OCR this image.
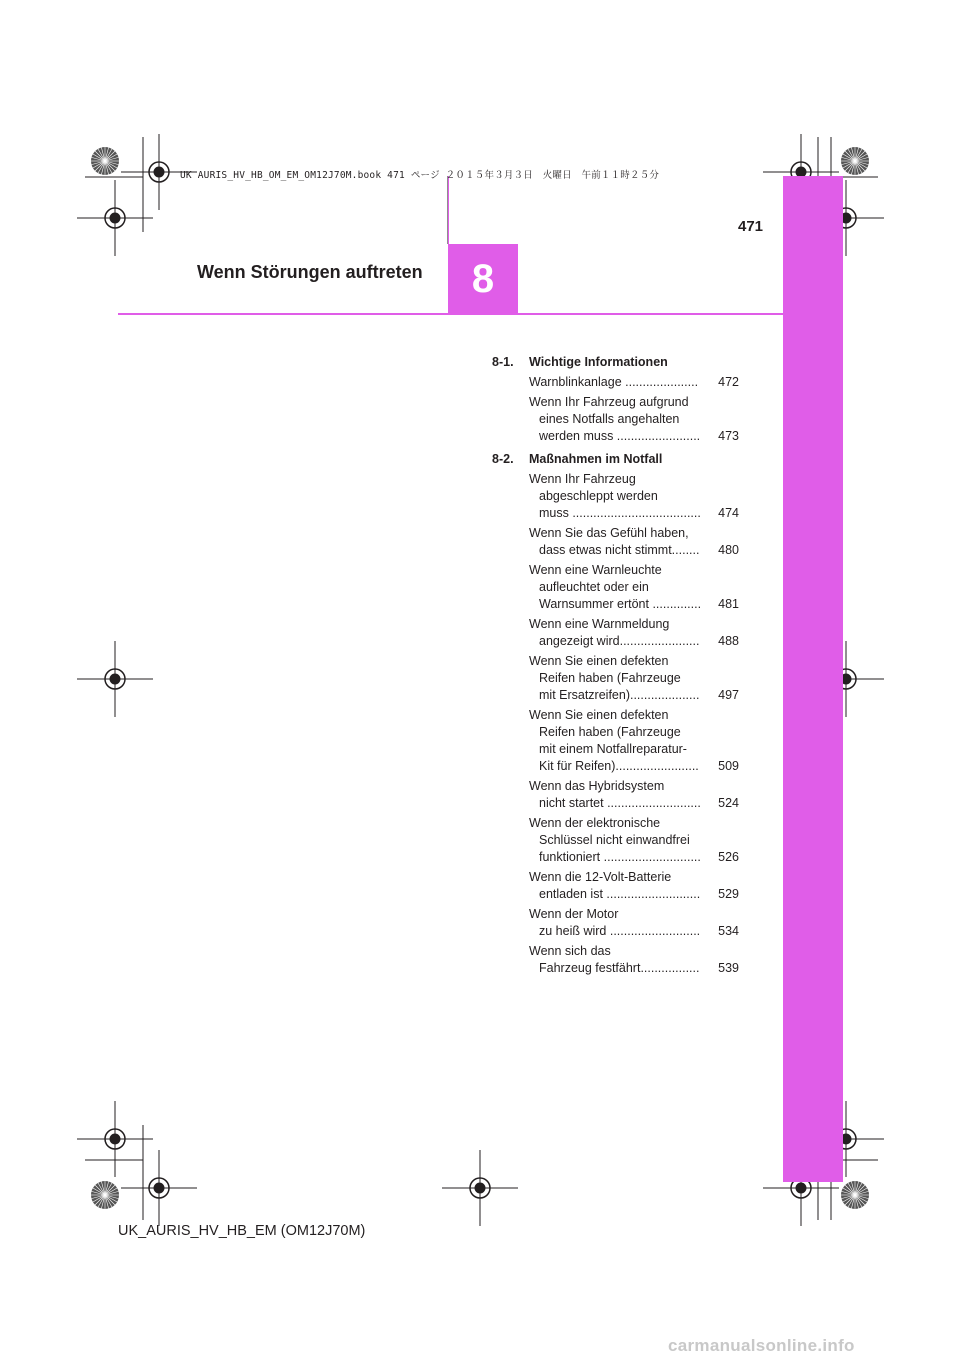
8
UK AURIS_HV_HB_OM_EM_OM12J70M.book 471 ページ ２０１５年３月３日　火曜日　午前１１時２５分
471
Wenn Störungen auftreten
8-1. Wichtige Informationen
472
Warnblinkanlage .....................
Wenn Ihr Fahrzeug aufgrund
eines Notfalls angehalten
473
werden muss ........................
8-2. Maßnahmen im Notfall
Wenn Ihr Fahrzeug
abgeschleppt werden
474
muss .....................................
Wenn Sie das Gefühl haben,
480
dass etwas nicht stimmt........
Wenn eine Warnleuchte
aufleuchtet oder ein
481
Warnsummer ertönt ..............
Wenn eine Warnmeldung
488
angezeigt wird.......................
Wenn Sie einen defekten
Reifen haben (Fahrzeuge
497
mit Ersatzreifen)....................
Wenn Sie einen defekten
Reifen haben (Fahrzeuge
mit einem Notfallreparatur-
509
Kit für Reifen)........................
Wenn das Hybridsystem
524
nicht startet ...........................
Wenn der elektronische
Schlüssel nicht einwandfrei
526
funktioniert ............................
Wenn die 12-Volt-Batterie
529
entladen ist ...........................
Wenn der Motor
534
zu heiß wird ..........................
Wenn sich das
539
Fahrzeug festfährt.................
UK_AURIS_HV_HB_EM (OM12J70M)
carmanualsonline.info
